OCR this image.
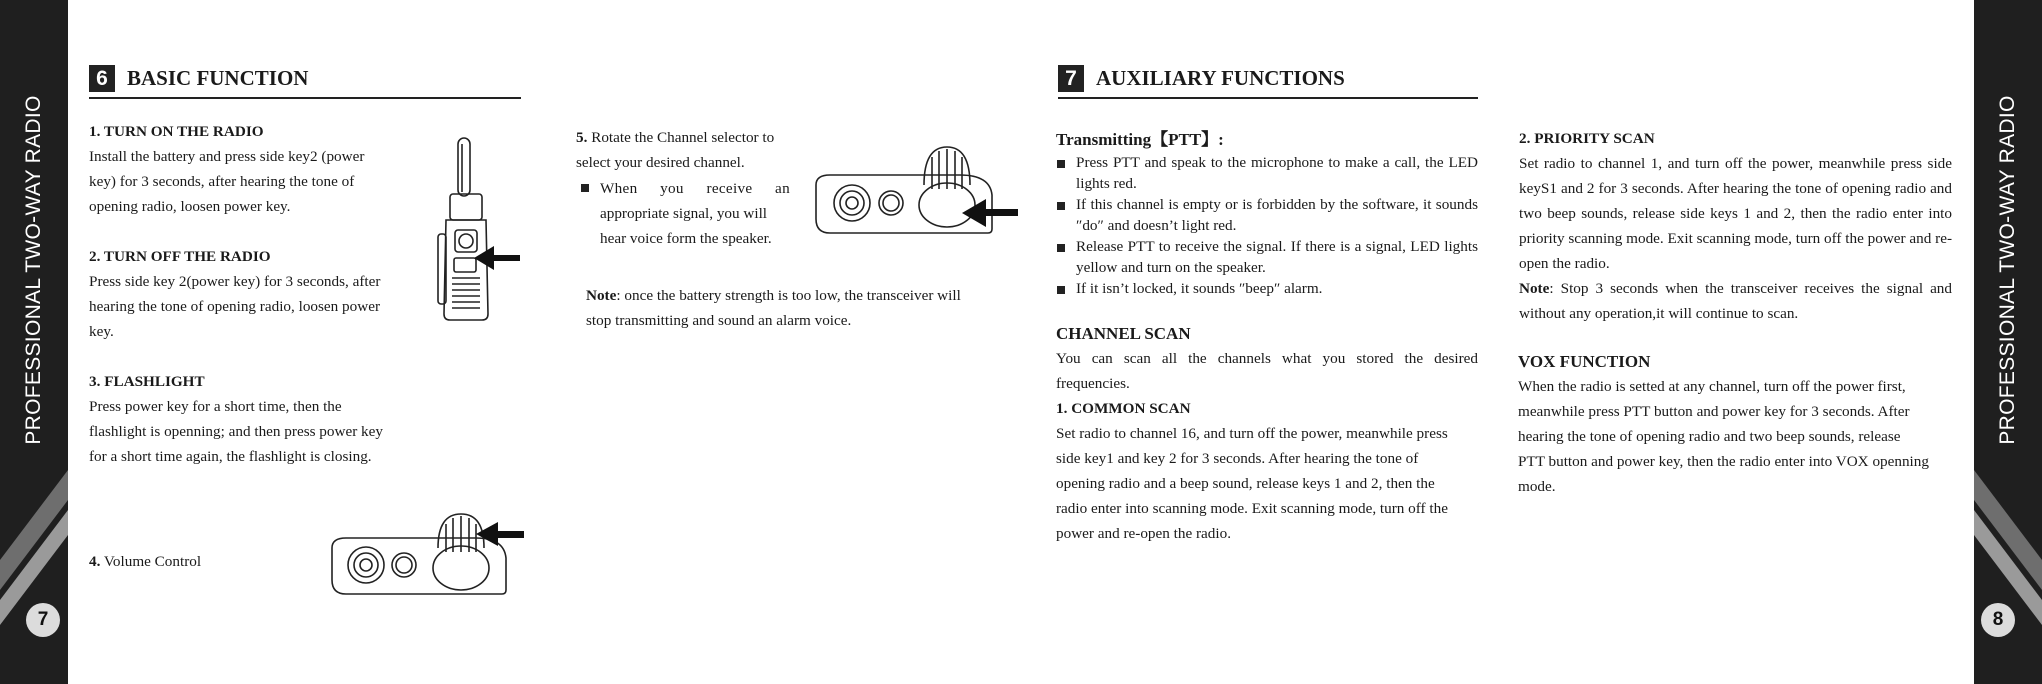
PROFESSIONAL TWO-WAY RADIO
7
PROFESSIONAL TWO-WAY RADIO
8
6 BASIC FUNCTION

1. TURN ON THE RADIO

Install the battery and press side key2 (power

key) for 3 seconds, after hearing the tone of

opening radio, loosen power key.

2. TURN OFF THE RADIO

Press side key 2(power key) for 3 seconds, after

hearing the tone of opening radio, loosen power

key.

3. FLASHLIGHT

Press power key for a short time, then the

flashlight is openning; and then press power key

for a short time again, the flashlight is closing.

4. Volume Control

5. Rotate the Channel selector to

select your desired channel.

When you receive an
appropriate signal, you will
hear voice form the speaker.

Note: once the battery strength is too low, the transceiver will

stop transmitting and sound an alarm voice.

7 AUXILIARY FUNCTIONS

Transmitting【PTT】:

Press PTT and speak to the microphone to make a call, the LED lights red.
If this channel is empty or is forbidden by the software, it sounds ″do″ and doesn’t light red.
Release PTT to receive the signal. If there is a signal, LED lights yellow and turn on the speaker.
If it isn’t locked, it sounds ″beep″ alarm.

CHANNEL SCAN

You can scan all the channels what you stored the desired frequencies.

1. COMMON SCAN

Set radio to channel 16, and turn off the power, meanwhile press

side key1 and key 2 for 3 seconds. After hearing the tone of

opening radio and a beep sound, release keys 1 and 2, then the

radio enter into scanning mode. Exit scanning mode, turn off the

power and re-open the radio.

2. PRIORITY SCAN

Set radio to channel 1, and turn off the power, meanwhile press side keyS1 and 2 for 3 seconds. After hearing the tone of opening radio and two beep sounds, release side keys 1 and 2, then the radio enter into priority scanning mode. Exit scanning mode, turn off the power and re-open the radio.

Note: Stop 3 seconds when the transceiver receives the signal and without any operation,it will continue to scan.

VOX FUNCTION

When the radio is setted at any channel, turn off the power first,

meanwhile press PTT button and power key for 3 seconds. After

hearing the tone of opening radio and two beep sounds, release

PTT button and power key, then the radio enter into VOX openning

mode.
